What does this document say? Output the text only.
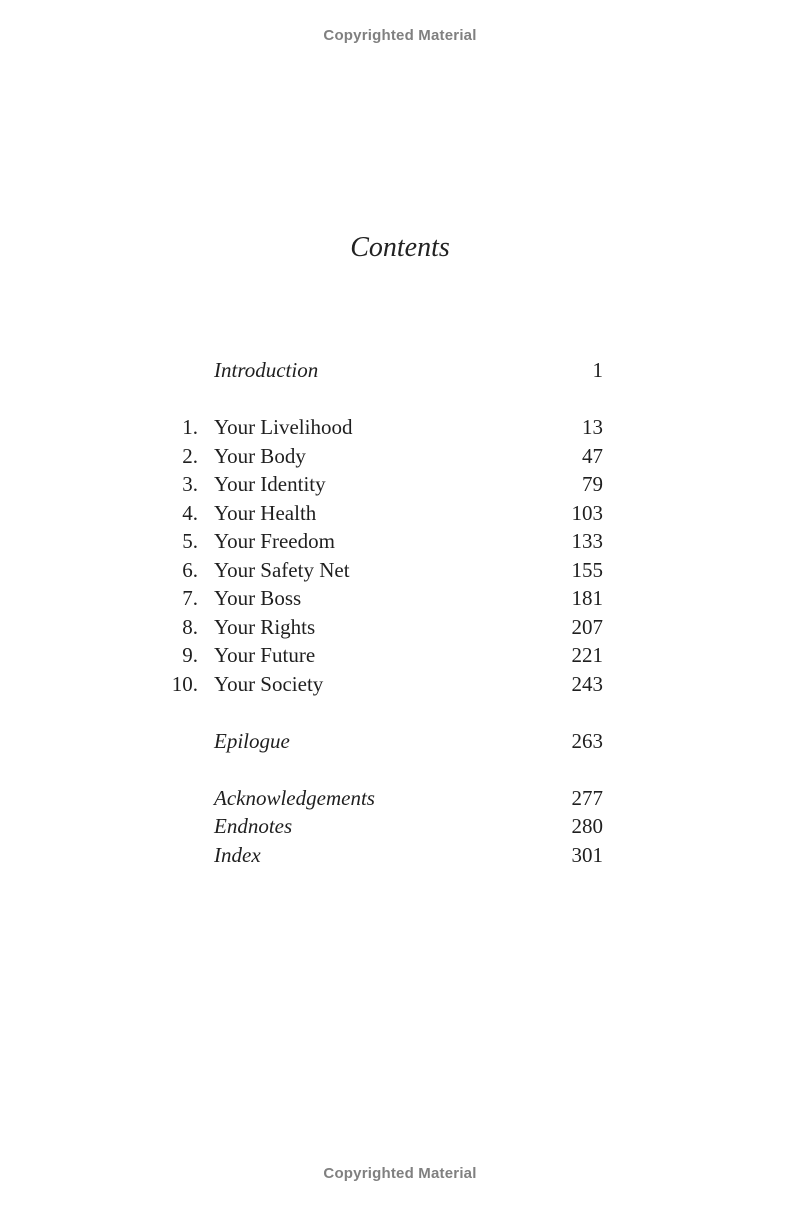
Copyrighted Material
Contents
Introduction	1
1. Your Livelihood	13
2. Your Body	47
3. Your Identity	79
4. Your Health	103
5. Your Freedom	133
6. Your Safety Net	155
7. Your Boss	181
8. Your Rights	207
9. Your Future	221
10. Your Society	243
Epilogue	263
Acknowledgements	277
Endnotes	280
Index	301
Copyrighted Material
